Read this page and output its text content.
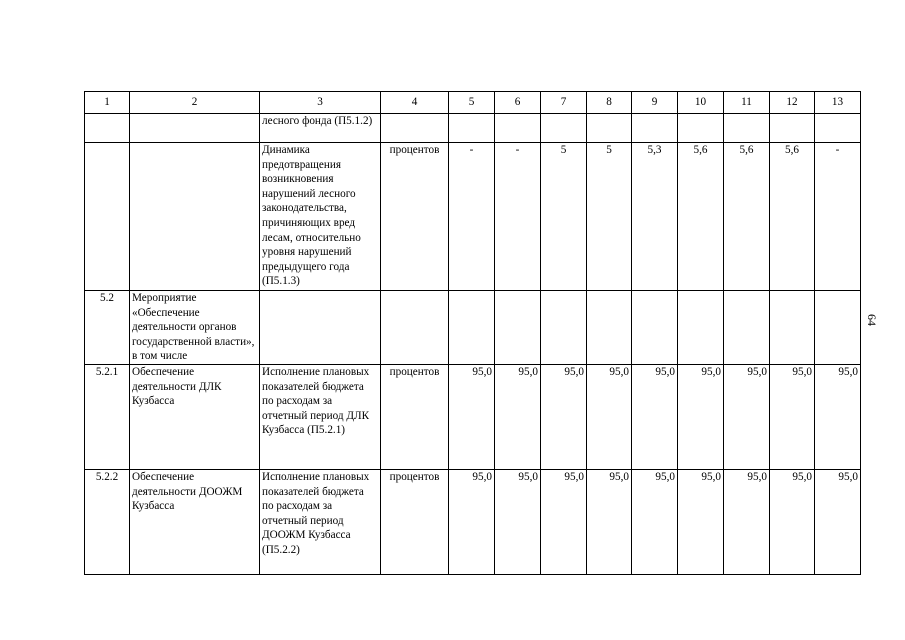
1	2	3	4	5	6	7	8	9	10	11	12	13
		лесного фонда (П5.1.2)										
		Динамика предотвращения возникновения нарушений лесного законодательства, причиняющих вред лесам, относительно уровня нарушений предыдущего года (П5.1.3)	процентов	-	-	5	5	5,3	5,6	5,6	5,6	-
5.2	Мероприятие «Обеспечение деятельности органов государственной власти», в том числе											
5.2.1	Обеспечение деятельности ДЛК Кузбасса	Исполнение плановых показателей бюджета по расходам за отчетный период ДЛК Кузбасса (П5.2.1)	процентов	95,0	95,0	95,0	95,0	95,0	95,0	95,0	95,0	95,0
5.2.2	Обеспечение деятельности ДООЖМ Кузбасса	Исполнение плановых показателей бюджета по расходам за отчетный период ДООЖМ Кузбасса (П5.2.2)	процентов	95,0	95,0	95,0	95,0	95,0	95,0	95,0	95,0	95,0
64
